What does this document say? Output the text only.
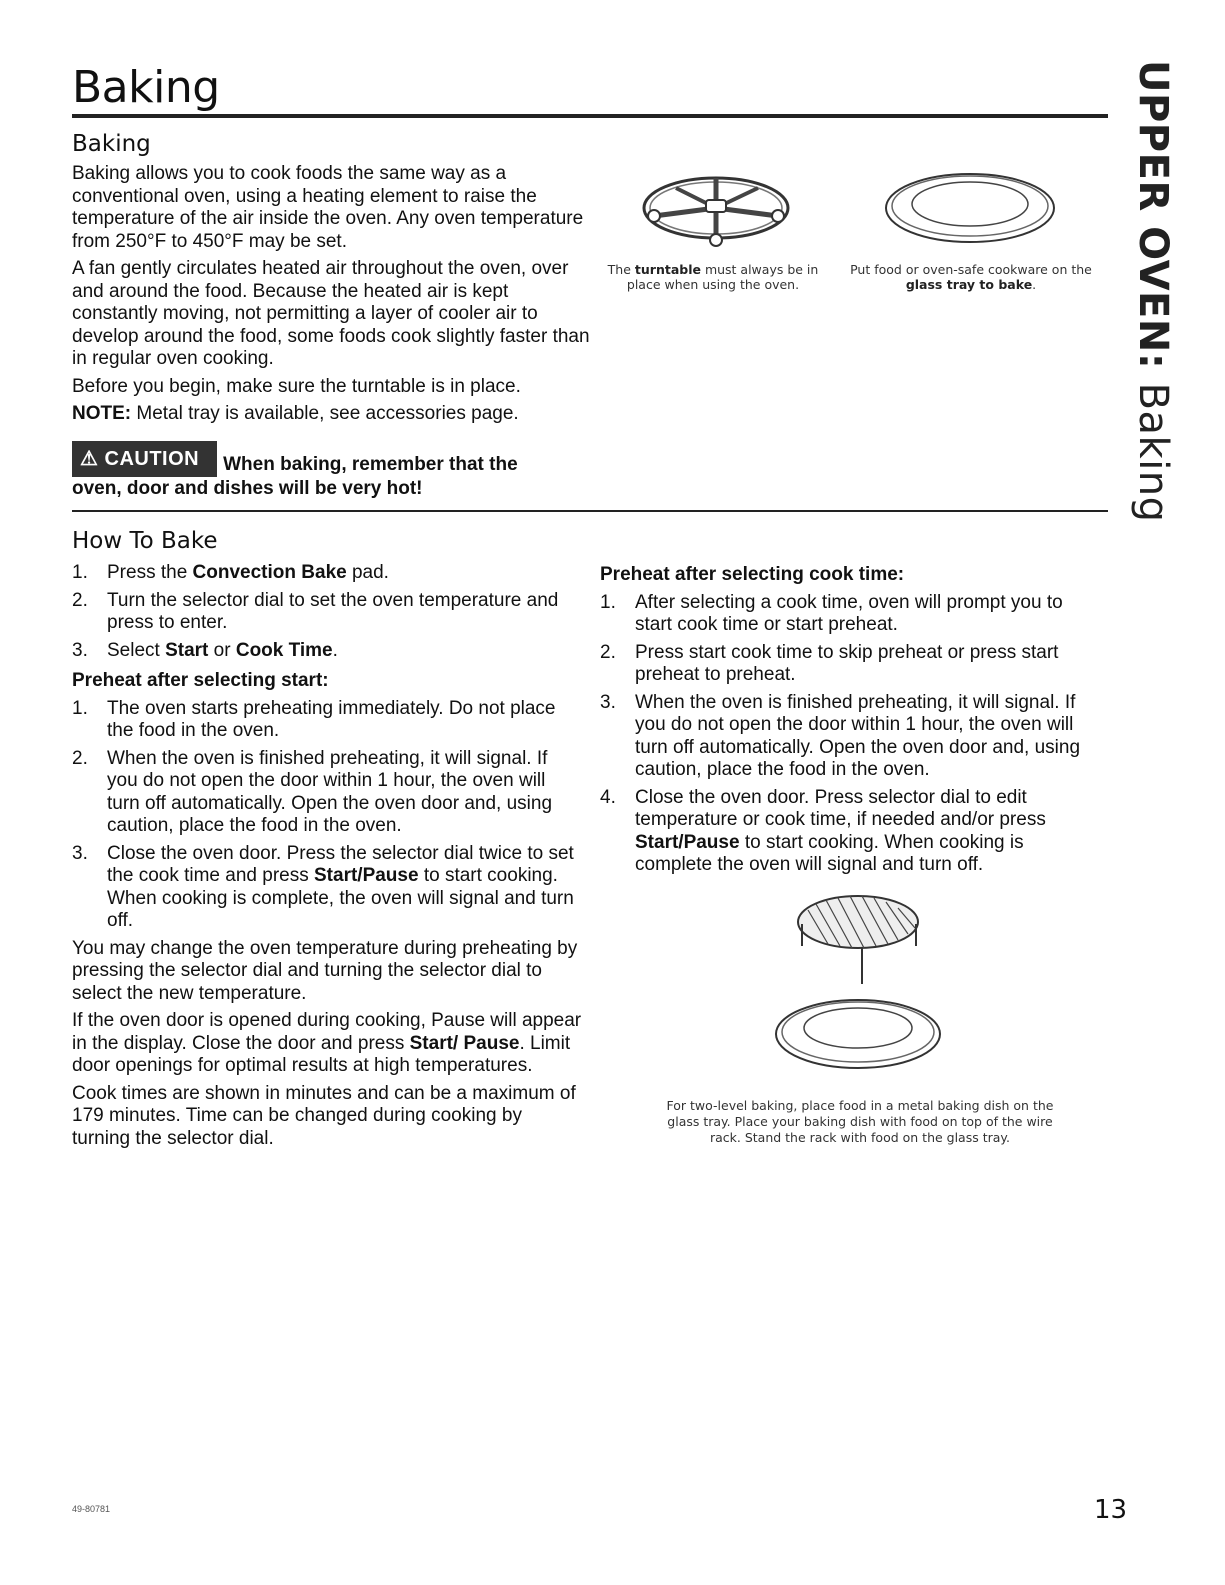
Baking	UPPER OVEN: Baking
Baking

Baking allows you to cook foods the same way as a conventional oven, using a heating element to raise the temperature of the air inside the oven. Any oven temperature from 250°F to 450°F may be set.

A fan gently circulates heated air throughout the oven, over and around the food. Because the heated air is kept constantly moving, not permitting a layer of cooler air to develop around the food, some foods cook slightly faster than in regular oven cooking.

Before you begin, make sure the turntable is in place.

NOTE: Metal tray is available, see accessories page.

⚠ CAUTION When baking, remember that the
oven, door and dishes will be very hot!
The turntable must always be in place when using the oven.
Put food or oven-safe cookware on the glass tray to bake.
How To Bake
1. Press the Convection Bake pad.
2. Turn the selector dial to set the oven temperature and press to enter.
3. Select Start or Cook Time.
Preheat after selecting start:
1. The oven starts preheating immediately. Do not place the food in the oven.
2. When the oven is finished preheating, it will signal. If you do not open the door within 1 hour, the oven will turn off automatically. Open the oven door and, using caution, place the food in the oven.
3. Close the oven door. Press the selector dial twice to set the cook time and press Start/Pause to start cooking. When cooking is complete, the oven will signal and turn off.

You may change the oven temperature during preheating by pressing the selector dial and turning the selector dial to select the new temperature.

If the oven door is opened during cooking, Pause will appear in the display. Close the door and press Start/ Pause. Limit door openings for optimal results at high temperatures.

Cook times are shown in minutes and can be a maximum of 179 minutes. Time can be changed during cooking by turning the selector dial.

Preheat after selecting cook time:
1. After selecting a cook time, oven will prompt you to start cook time or start preheat.
2. Press start cook time to skip preheat or press start preheat to preheat.
3. When the oven is finished preheating, it will signal. If you do not open the door within 1 hour, the oven will turn off automatically. Open the oven door and, using caution, place the food in the oven.
4. Close the oven door. Press selector dial to edit temperature or cook time, if needed and/or press Start/Pause to start cooking. When cooking is complete the oven will signal and turn off.
For two-level baking, place food in a metal baking dish on the glass tray. Place your baking dish with food on top of the wire rack. Stand the rack with food on the glass tray.
49-80781	13
